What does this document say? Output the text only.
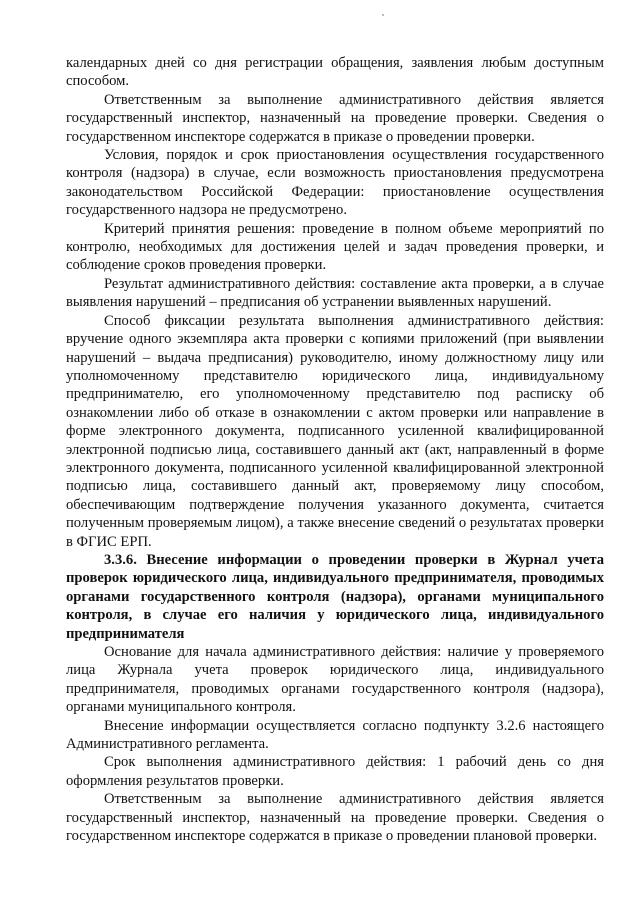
календарных дней со дня регистрации обращения, заявления любым доступным способом.

Ответственным за выполнение административного действия является государственный инспектор, назначенный на проведение проверки. Сведения о государственном инспекторе содержатся в приказе о проведении проверки.

Условия, порядок и срок приостановления осуществления государственного контроля (надзора) в случае, если возможность приостановления предусмотрена законодательством Российской Федерации: приостановление осуществления государственного надзора не предусмотрено.

Критерий принятия решения: проведение в полном объеме мероприятий по контролю, необходимых для достижения целей и задач проведения проверки, и соблюдение сроков проведения проверки.

Результат административного действия: составление акта проверки, а в случае выявления нарушений – предписания об устранении выявленных нарушений.

Способ фиксации результата выполнения административного действия: вручение одного экземпляра акта проверки с копиями приложений (при выявлении нарушений – выдача предписания) руководителю, иному должностному лицу или уполномоченному представителю юридического лица, индивидуальному предпринимателю, его уполномоченному представителю под расписку об ознакомлении либо об отказе в ознакомлении с актом проверки или направление в форме электронного документа, подписанного усиленной квалифицированной электронной подписью лица, составившего данный акт (акт, направленный в форме электронного документа, подписанного усиленной квалифицированной электронной подписью лица, составившего данный акт, проверяемому лицу способом, обеспечивающим подтверждение получения указанного документа, считается полученным проверяемым лицом), а также внесение сведений о результатах проверки в ФГИС ЕРП.

3.3.6. Внесение информации о проведении проверки в Журнал учета проверок юридического лица, индивидуального предпринимателя, проводимых органами государственного контроля (надзора), органами муниципального контроля, в случае его наличия у юридического лица, индивидуального предпринимателя

Основание для начала административного действия: наличие у проверяемого лица Журнала учета проверок юридического лица, индивидуального предпринимателя, проводимых органами государственного контроля (надзора), органами муниципального контроля.

Внесение информации осуществляется согласно подпункту 3.2.6 настоящего Административного регламента.

Срок выполнения административного действия: 1 рабочий день со дня оформления результатов проверки.

Ответственным за выполнение административного действия является государственный инспектор, назначенный на проведение проверки. Сведения о государственном инспекторе содержатся в приказе о проведении плановой проверки.
